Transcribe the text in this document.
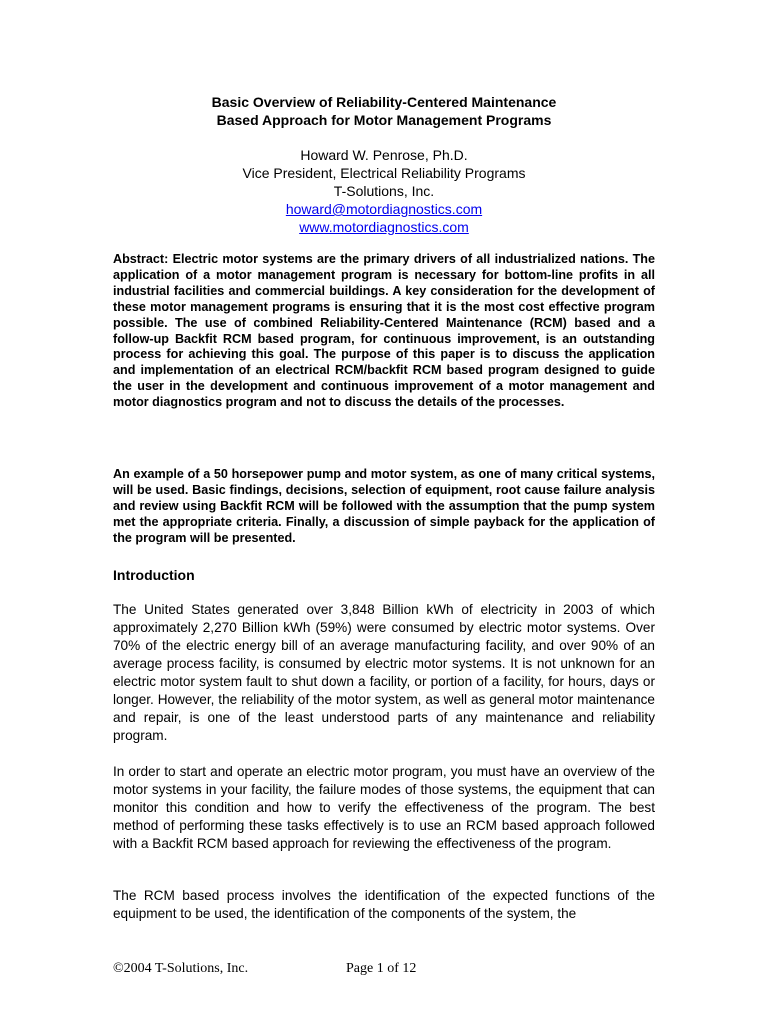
Basic Overview of Reliability-Centered Maintenance
Based Approach for Motor Management Programs
Howard W. Penrose, Ph.D.
Vice President, Electrical Reliability Programs
T-Solutions, Inc.
howard@motordiagnostics.com
www.motordiagnostics.com

Abstract: Electric motor systems are the primary drivers of all industrialized nations. The application of a motor management program is necessary for bottom-line profits in all industrial facilities and commercial buildings. A key consideration for the development of these motor management programs is ensuring that it is the most cost effective program possible. The use of combined Reliability-Centered Maintenance (RCM) based and a follow-up Backfit RCM based program, for continuous improvement, is an outstanding process for achieving this goal. The purpose of this paper is to discuss the application and implementation of an electrical RCM/backfit RCM based program designed to guide the user in the development and continuous improvement of a motor management and motor diagnostics program and not to discuss the details of the processes.

An example of a 50 horsepower pump and motor system, as one of many critical systems, will be used. Basic findings, decisions, selection of equipment, root cause failure analysis and review using Backfit RCM will be followed with the assumption that the pump system met the appropriate criteria. Finally, a discussion of simple payback for the application of the program will be presented.

Introduction

The United States generated over 3,848 Billion kWh of electricity in 2003 of which approximately 2,270 Billion kWh (59%) were consumed by electric motor systems. Over 70% of the electric energy bill of an average manufacturing facility, and over 90% of an average process facility, is consumed by electric motor systems. It is not unknown for an electric motor system fault to shut down a facility, or portion of a facility, for hours, days or longer. However, the reliability of the motor system, as well as general motor maintenance and repair, is one of the least understood parts of any maintenance and reliability program.

In order to start and operate an electric motor program, you must have an overview of the motor systems in your facility, the failure modes of those systems, the equipment that can monitor this condition and how to verify the effectiveness of the program. The best method of performing these tasks effectively is to use an RCM based approach followed with a Backfit RCM based approach for reviewing the effectiveness of the program.

The RCM based process involves the identification of the expected functions of the equipment to be used, the identification of the components of the system, the

©2004 T-Solutions, Inc.	Page 1 of 12
